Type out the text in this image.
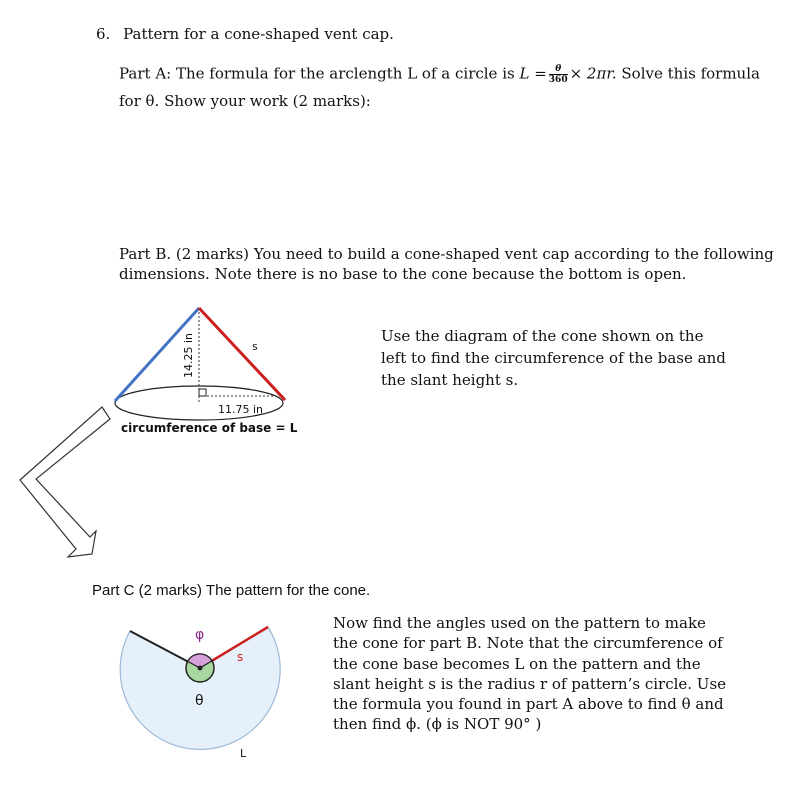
6. Pattern for a cone-shaped vent cap.
Part A: The formula for the arclength L of a circle is $L = \frac{\theta}{360} \times 2\pi r$. Solve this formula
for θ. Show your work (2 marks):
Part B. (2 marks) You need to build a cone-shaped vent cap according to the following
dimensions. Note there is no base to the cone because the bottom is open.
Use the diagram of the cone shown on the
left to find the circumference of the base and
the slant height s.
14.25 in	s
11.75 in
circumference of base = L
Part C (2 marks) The pattern for the cone.
Now find the angles used on the pattern to make
the cone for part B. Note that the circumference of
the cone base becomes L on the pattern and the
slant height s is the radius r of pattern’s circle. Use
the formula you found in part A above to find θ and
then find ϕ. (ϕ is NOT 90° )
φ
θ
s
L
